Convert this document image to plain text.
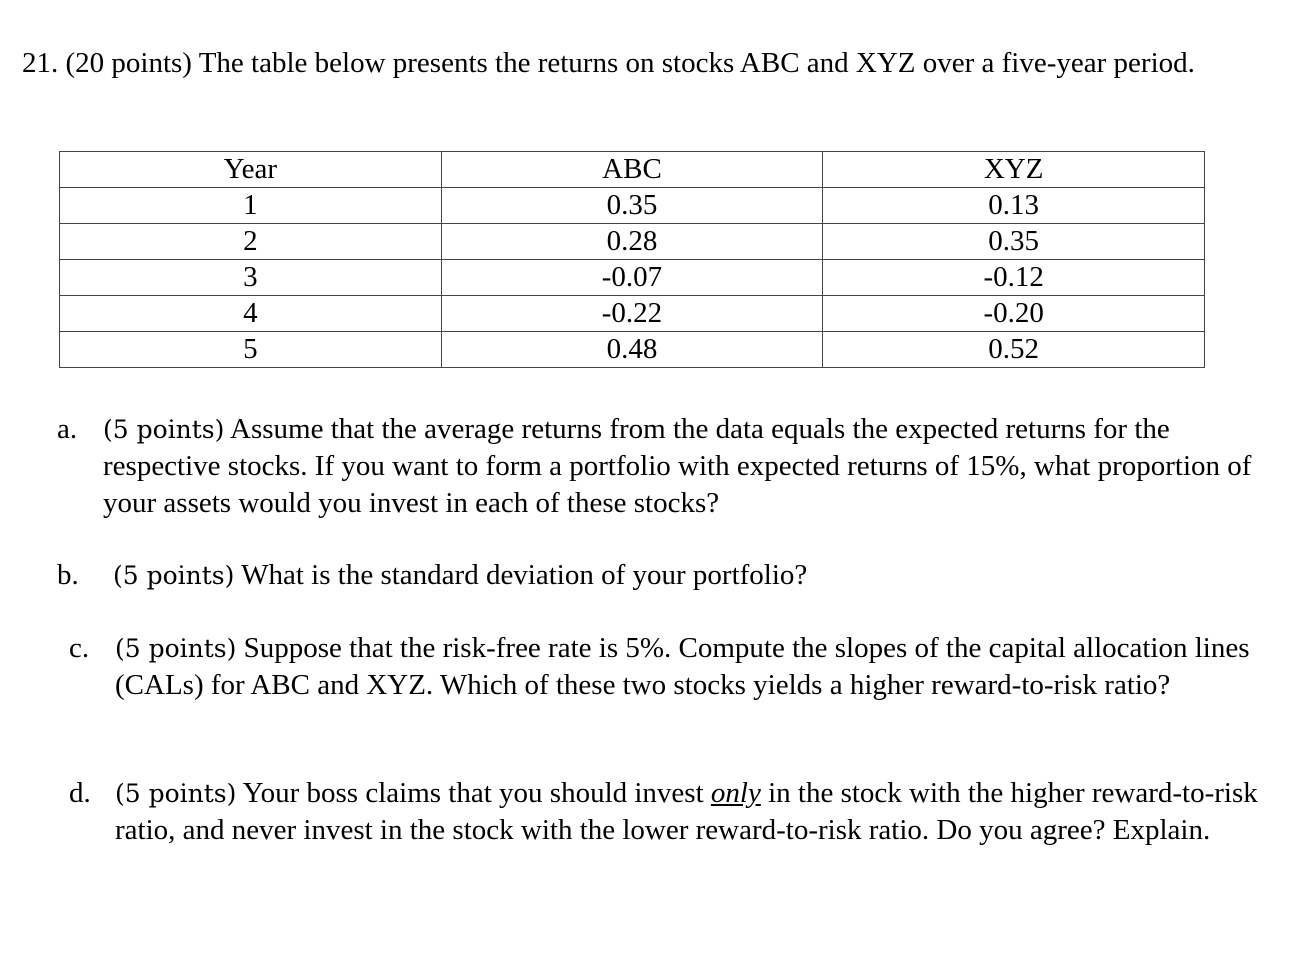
21. (20 points) The table below presents the returns on stocks ABC and XYZ over a five-year period.

Year	ABC	XYZ
1	0.35	0.13
2	0.28	0.35
3	-0.07	-0.12
4	-0.22	-0.20
5	0.48	0.52

a. (5 points) Assume that the average returns from the data equals the expected returns for the respective stocks. If you want to form a portfolio with expected returns of 15%, what proportion of your assets would you invest in each of these stocks?

b. (5 points) What is the standard deviation of your portfolio?

c. (5 points) Suppose that the risk-free rate is 5%. Compute the slopes of the capital allocation lines (CALs) for ABC and XYZ. Which of these two stocks yields a higher reward-to-risk ratio?

d. (5 points) Your boss claims that you should invest only in the stock with the higher reward-to-risk ratio, and never invest in the stock with the lower reward-to-risk ratio. Do you agree? Explain.
